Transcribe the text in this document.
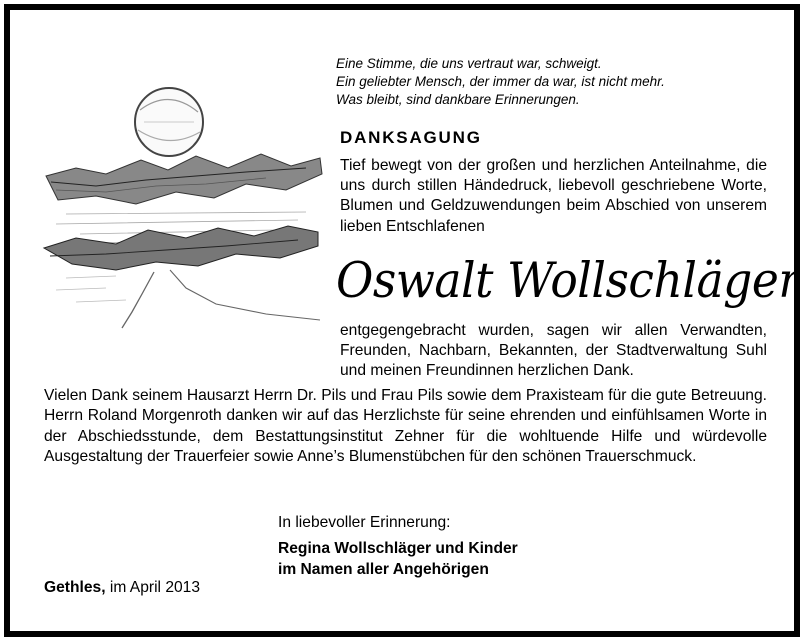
Eine Stimme, die uns vertraut war, schweigt.
Ein geliebter Mensch, der immer da war, ist nicht mehr.
Was bleibt, sind dankbare Erinnerungen.
DANKSAGUNG

Tief bewegt von der großen und herzlichen Anteilnahme, die uns durch stillen Händedruck, liebevoll geschriebene Worte, Blumen und Geldzuwendungen beim Abschied von unserem lieben Entschlafenen

Oswalt Wollschläger
entgegengebracht wurden, sagen wir allen Verwandten, Freunden, Nachbarn, Bekannten, der Stadtverwaltung Suhl und meinen Freundinnen herzlichen Dank.
Vielen Dank seinem Hausarzt Herrn Dr. Pils und Frau Pils sowie dem Praxisteam für die gute Betreuung. Herrn Roland Morgenroth danken wir auf das Herzlichste für seine ehrenden und einfühlsamen Worte in der Abschiedsstunde, dem Bestattungsinstitut Zehner für die wohltuende Hilfe und würdevolle Ausgestaltung der Trauerfeier sowie Anne’s Blumenstübchen für den schönen Trauerschmuck.
In liebevoller Erinnerung:
Regina Wollschläger und Kinder
im Namen aller Angehörigen
Gethles, im April 2013
